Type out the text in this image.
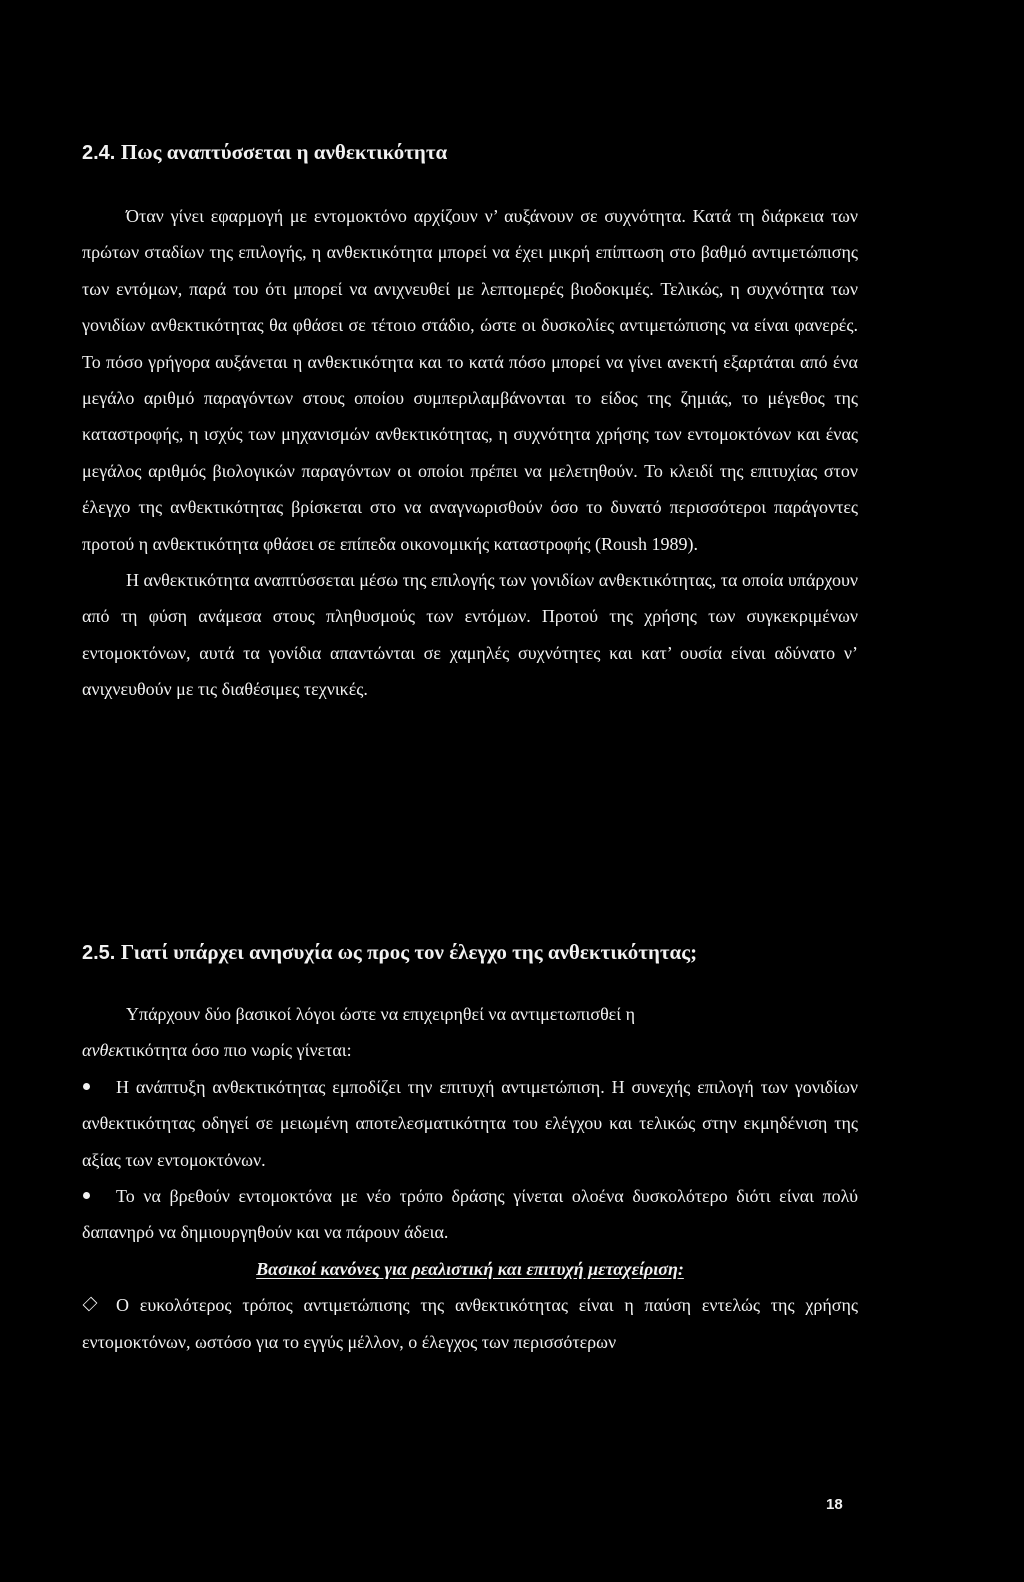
2.4. Πως αναπτύσσεται η ανθεκτικότητα

Όταν γίνει εφαρμογή με εντομοκτόνο αρχίζουν ν’ αυξάνουν σε συχνότητα. Κατά τη διάρκεια των πρώτων σταδίων της επιλογής, η ανθεκτικότητα μπορεί να έχει μικρή επίπτωση στο βαθμό αντιμετώπισης των εντόμων, παρά του ότι μπορεί να ανιχνευθεί με λεπτομερές βιοδοκιμές. Τελικώς, η συχνότητα των γονιδίων ανθεκτικότητας θα φθάσει σε τέτοιο στάδιο, ώστε οι δυσκολίες αντιμετώπισης να είναι φανερές. Το πόσο γρήγορα αυξάνεται η ανθεκτικότητα και το κατά πόσο μπορεί να γίνει ανεκτή εξαρτάται από ένα μεγάλο αριθμό παραγόντων στους οποίου συμπεριλαμβάνονται το είδος της ζημιάς, το μέγεθος της καταστροφής, η ισχύς των μηχανισμών ανθεκτικότητας, η συχνότητα χρήσης των εντομοκτόνων και ένας μεγάλος αριθμός βιολογικών παραγόντων οι οποίοι πρέπει να μελετηθούν. Το κλειδί της επιτυχίας στον έλεγχο της ανθεκτικότητας βρίσκεται στο να αναγνωρισθούν όσο το δυνατό περισσότεροι παράγοντες προτού η ανθεκτικότητα φθάσει σε επίπεδα οικονομικής καταστροφής (Roush 1989).

Η ανθεκτικότητα αναπτύσσεται μέσω της επιλογής των γονιδίων ανθεκτικότητας, τα οποία υπάρχουν από τη φύση ανάμεσα στους πληθυσμούς των εντόμων. Προτού της χρήσης των συγκεκριμένων εντομοκτόνων, αυτά τα γονίδια απαντώνται σε χαμηλές συχνότητες και κατ’ ουσία είναι αδύνατο ν’ ανιχνευθούν με τις διαθέσιμες τεχνικές.

2.5. Γιατί υπάρχει ανησυχία ως προς τον έλεγχο της ανθεκτικότητας;

Υπάρχουν δύο βασικοί λόγοι ώστε να επιχειρηθεί να αντιμετωπισθεί η
ανθεκτικότητα όσο πιο νωρίς γίνεται:

Η ανάπτυξη ανθεκτικότητας εμποδίζει την επιτυχή αντιμετώπιση. Η συνεχής επιλογή των γονιδίων ανθεκτικότητας οδηγεί σε μειωμένη αποτελεσματικότητα του ελέγχου και τελικώς στην εκμηδένιση της αξίας των εντομοκτόνων.

Το να βρεθούν εντομοκτόνα με νέο τρόπο δράσης γίνεται ολοένα δυσκολότερο διότι είναι πολύ δαπανηρό να δημιουργηθούν και να πάρουν άδεια.

Βασικοί κανόνες για ρεαλιστική και επιτυχή μεταχείριση:

Ο ευκολότερος τρόπος αντιμετώπισης της ανθεκτικότητας είναι η παύση εντελώς της χρήσης εντομοκτόνων, ωστόσο για το εγγύς μέλλον, ο έλεγχος των περισσότερων

18
